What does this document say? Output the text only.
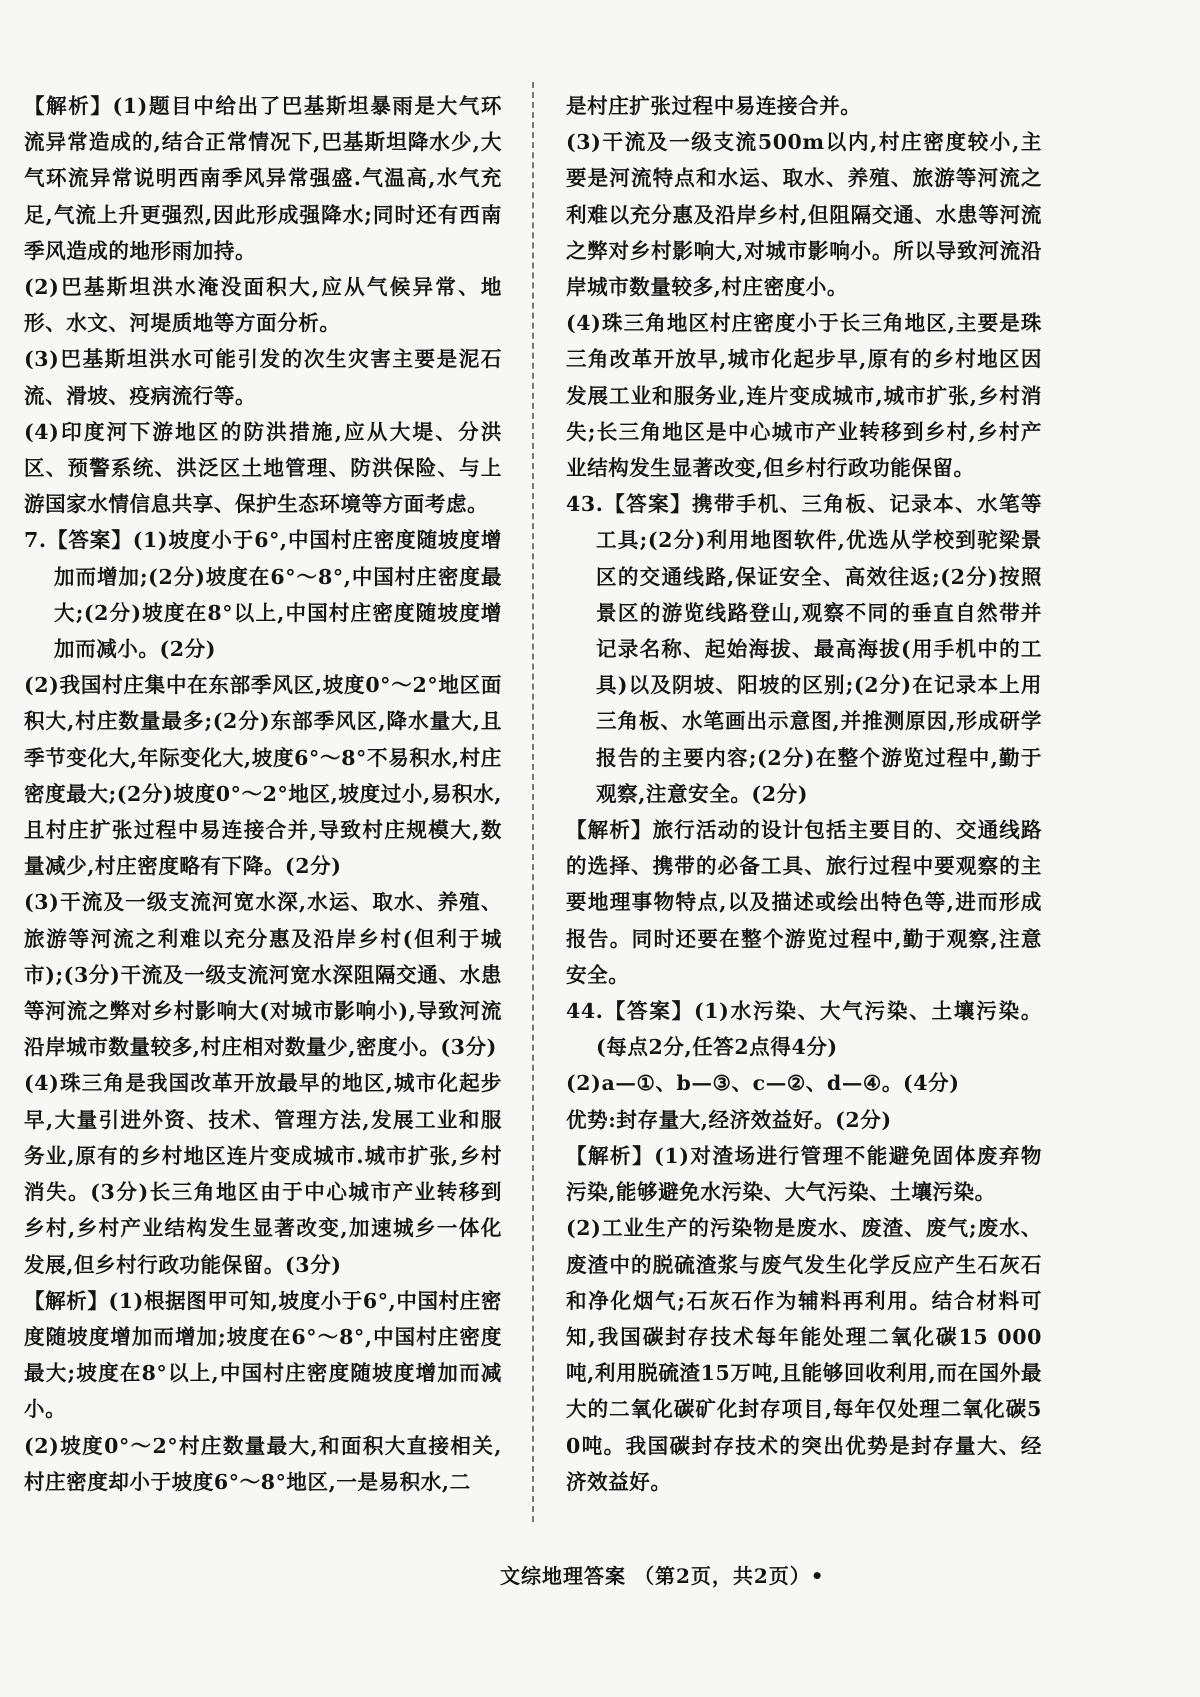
【解析】(1)题目中给出了巴基斯坦暴雨是大气环流异常造成的,结合正常情况下,巴基斯坦降水少,大气环流异常说明西南季风异常强盛.气温高,水气充足,气流上升更强烈,因此形成强降水;同时还有西南季风造成的地形雨加持。

(2)巴基斯坦洪水淹没面积大,应从气候异常、地形、水文、河堤质地等方面分析。

(3)巴基斯坦洪水可能引发的次生灾害主要是泥石流、滑坡、疫病流行等。

(4)印度河下游地区的防洪措施,应从大堤、分洪区、预警系统、洪泛区土地管理、防洪保险、与上游国家水情信息共享、保护生态环境等方面考虑。

7.【答案】(1)坡度小于6°,中国村庄密度随坡度增加而增加;(2分)坡度在6°～8°,中国村庄密度最大;(2分)坡度在8°以上,中国村庄密度随坡度增加而减小。(2分)

(2)我国村庄集中在东部季风区,坡度0°～2°地区面积大,村庄数量最多;(2分)东部季风区,降水量大,且季节变化大,年际变化大,坡度6°～8°不易积水,村庄密度最大;(2分)坡度0°～2°地区,坡度过小,易积水,且村庄扩张过程中易连接合并,导致村庄规模大,数量减少,村庄密度略有下降。(2分)

(3)干流及一级支流河宽水深,水运、取水、养殖、旅游等河流之利难以充分惠及沿岸乡村(但利于城市);(3分)干流及一级支流河宽水深阻隔交通、水患等河流之弊对乡村影响大(对城市影响小),导致河流沿岸城市数量较多,村庄相对数量少,密度小。(3分)

(4)珠三角是我国改革开放最早的地区,城市化起步早,大量引进外资、技术、管理方法,发展工业和服务业,原有的乡村地区连片变成城市.城市扩张,乡村消失。(3分)长三角地区由于中心城市产业转移到乡村,乡村产业结构发生显著改变,加速城乡一体化发展,但乡村行政功能保留。(3分)

【解析】(1)根据图甲可知,坡度小于6°,中国村庄密度随坡度增加而增加;坡度在6°～8°,中国村庄密度最大;坡度在8°以上,中国村庄密度随坡度增加而减小。

(2)坡度0°～2°村庄数量最大,和面积大直接相关,村庄密度却小于坡度6°～8°地区,一是易积水,二

是村庄扩张过程中易连接合并。

(3)干流及一级支流500m以内,村庄密度较小,主要是河流特点和水运、取水、养殖、旅游等河流之利难以充分惠及沿岸乡村,但阻隔交通、水患等河流之弊对乡村影响大,对城市影响小。所以导致河流沿岸城市数量较多,村庄密度小。

(4)珠三角地区村庄密度小于长三角地区,主要是珠三角改革开放早,城市化起步早,原有的乡村地区因发展工业和服务业,连片变成城市,城市扩张,乡村消失;长三角地区是中心城市产业转移到乡村,乡村产业结构发生显著改变,但乡村行政功能保留。

43.【答案】携带手机、三角板、记录本、水笔等工具;(2分)利用地图软件,优选从学校到驼梁景区的交通线路,保证安全、高效往返;(2分)按照景区的游览线路登山,观察不同的垂直自然带并记录名称、起始海拔、最高海拔(用手机中的工具)以及阴坡、阳坡的区别;(2分)在记录本上用三角板、水笔画出示意图,并推测原因,形成研学报告的主要内容;(2分)在整个游览过程中,勤于观察,注意安全。(2分)

【解析】旅行活动的设计包括主要目的、交通线路的选择、携带的必备工具、旅行过程中要观察的主要地理事物特点,以及描述或绘出特色等,进而形成报告。同时还要在整个游览过程中,勤于观察,注意安全。

44.【答案】(1)水污染、大气污染、土壤污染。(每点2分,任答2点得4分)

(2)a—①、b—③、c—②、d—④。(4分)

优势:封存量大,经济效益好。(2分)

【解析】(1)对渣场进行管理不能避免固体废弃物污染,能够避免水污染、大气污染、土壤污染。

(2)工业生产的污染物是废水、废渣、废气;废水、废渣中的脱硫渣浆与废气发生化学反应产生石灰石和净化烟气;石灰石作为辅料再利用。结合材料可知,我国碳封存技术每年能处理二氧化碳15 000吨,利用脱硫渣15万吨,且能够回收利用,而在国外最大的二氧化碳矿化封存项目,每年仅处理二氧化碳50吨。我国碳封存技术的突出优势是封存量大、经济效益好。

文综地理答案 （第2页，共2页）•
